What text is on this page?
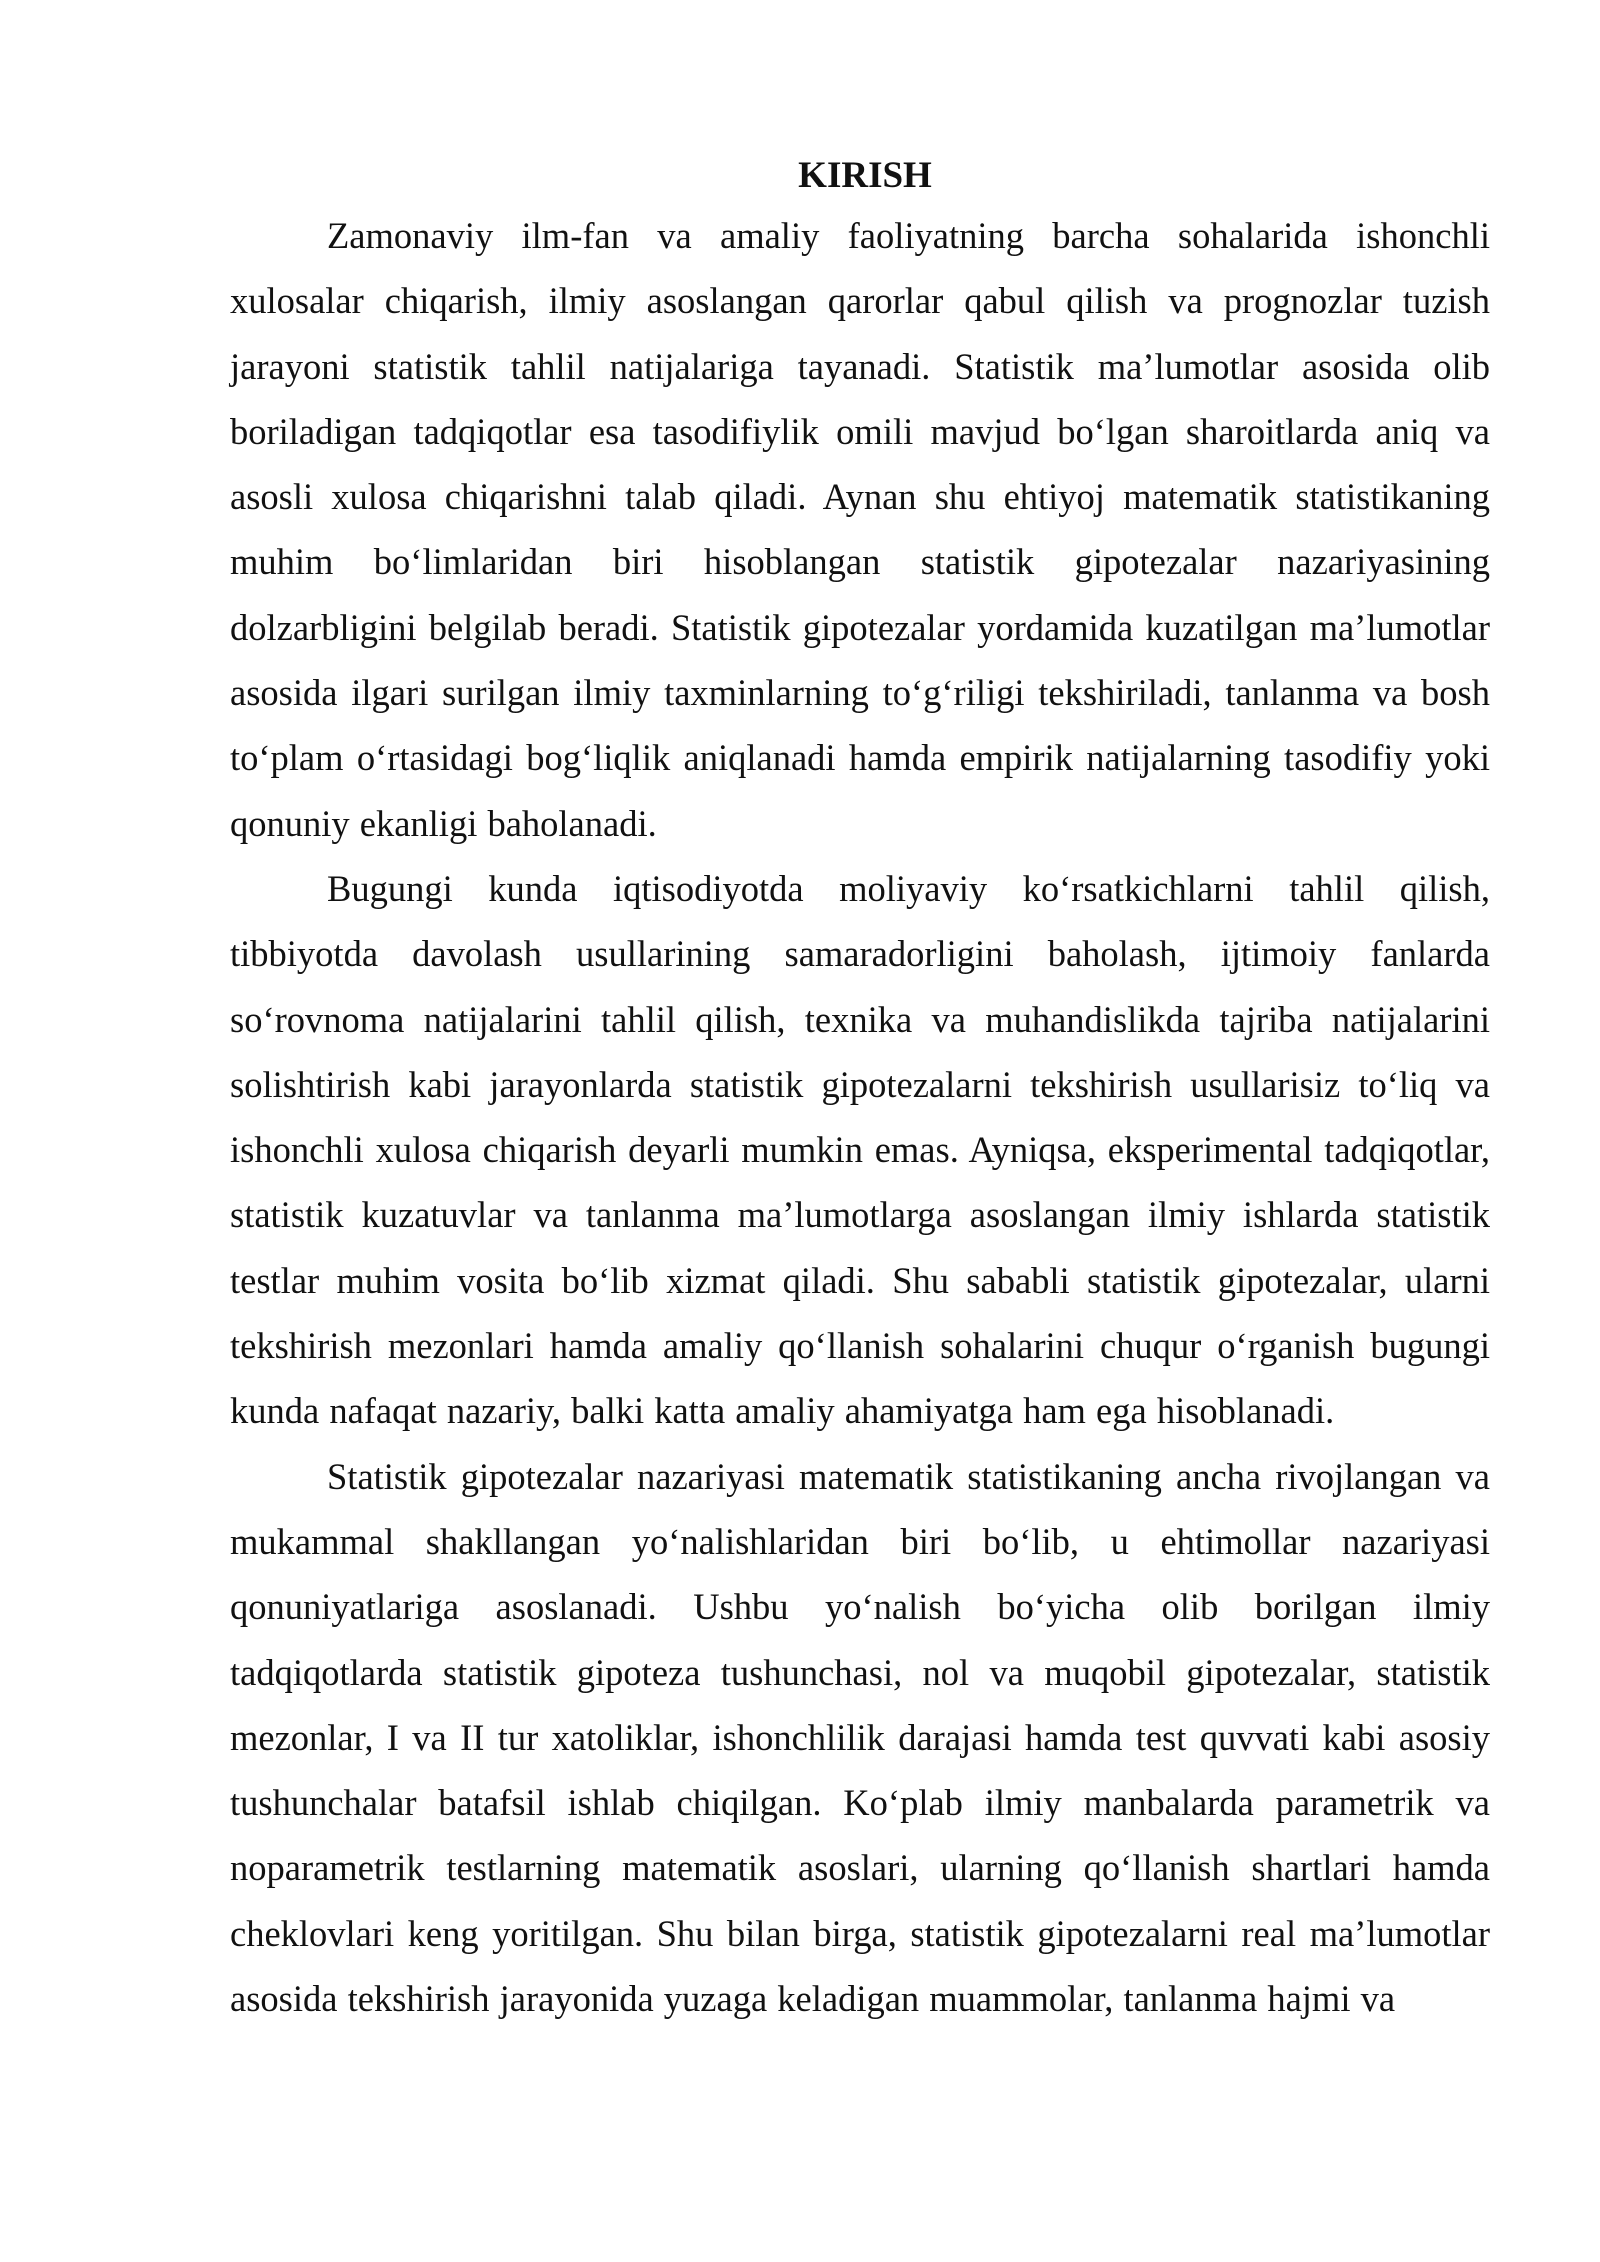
KIRISH

Zamonaviy ilm-fan va amaliy faoliyatning barcha sohalarida ishonchli xulosalar chiqarish, ilmiy asoslangan qarorlar qabul qilish va prognozlar tuzish jarayoni statistik tahlil natijalariga tayanadi. Statistik ma’lumotlar asosida olib boriladigan tadqiqotlar esa tasodifiylik omili mavjud bo‘lgan sharoitlarda aniq va asosli xulosa chiqarishni talab qiladi. Aynan shu ehtiyoj matematik statistikaning muhim bo‘limlaridan biri hisoblangan statistik gipotezalar nazariyasining dolzarbligini belgilab beradi. Statistik gipotezalar yordamida kuzatilgan ma’lumotlar asosida ilgari surilgan ilmiy taxminlarning to‘g‘riligi tekshiriladi, tanlanma va bosh to‘plam o‘rtasidagi bog‘liqlik aniqlanadi hamda empirik natijalarning tasodifiy yoki qonuniy ekanligi baholanadi.

Bugungi kunda iqtisodiyotda moliyaviy ko‘rsatkichlarni tahlil qilish, tibbiyotda davolash usullarining samaradorligini baholash, ijtimoiy fanlarda so‘rovnoma natijalarini tahlil qilish, texnika va muhandislikda tajriba natijalarini solishtirish kabi jarayonlarda statistik gipotezalarni tekshirish usullarisiz to‘liq va ishonchli xulosa chiqarish deyarli mumkin emas. Ayniqsa, eksperimental tadqiqotlar, statistik kuzatuvlar va tanlanma ma’lumotlarga asoslangan ilmiy ishlarda statistik testlar muhim vosita bo‘lib xizmat qiladi. Shu sababli statistik gipotezalar, ularni tekshirish mezonlari hamda amaliy qo‘llanish sohalarini chuqur o‘rganish bugungi kunda nafaqat nazariy, balki katta amaliy ahamiyatga ham ega hisoblanadi.

Statistik gipotezalar nazariyasi matematik statistikaning ancha rivojlangan va mukammal shakllangan yo‘nalishlaridan biri bo‘lib, u ehtimollar nazariyasi qonuniyatlariga asoslanadi. Ushbu yo‘nalish bo‘yicha olib borilgan ilmiy tadqiqotlarda statistik gipoteza tushunchasi, nol va muqobil gipotezalar, statistik mezonlar, I va II tur xatoliklar, ishonchlilik darajasi hamda test quvvati kabi asosiy tushunchalar batafsil ishlab chiqilgan. Ko‘plab ilmiy manbalarda parametrik va noparametrik testlarning matematik asoslari, ularning qo‘llanish shartlari hamda cheklovlari keng yoritilgan. Shu bilan birga, statistik gipotezalarni real ma’lumotlar asosida tekshirish jarayonida yuzaga keladigan muammolar, tanlanma hajmi va
